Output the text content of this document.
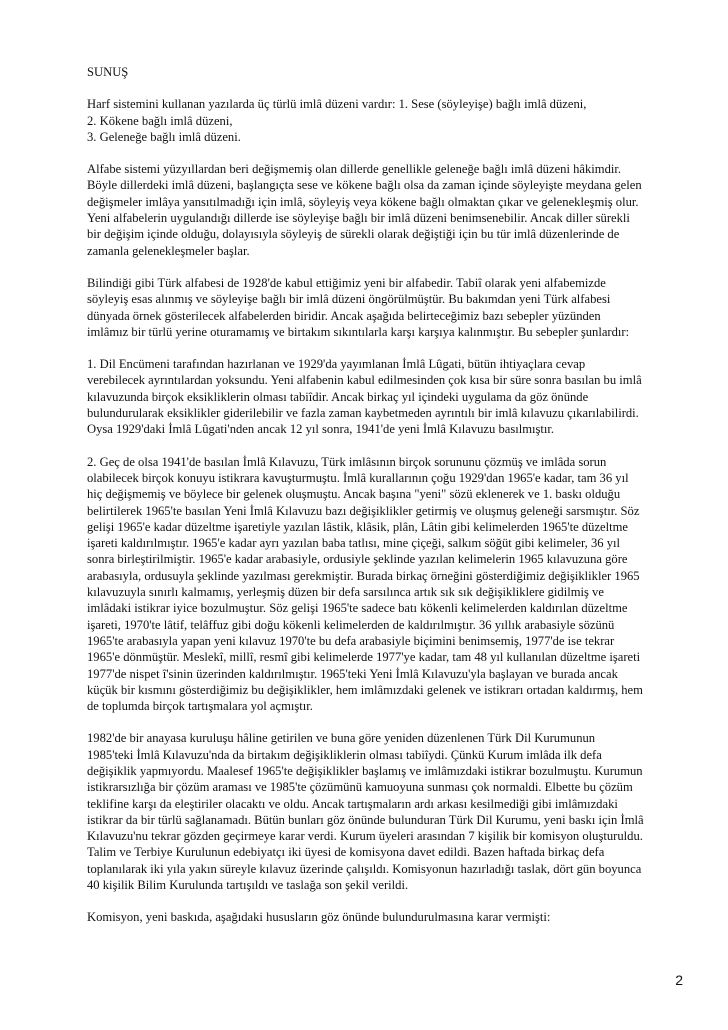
SUNUŞ

Harf sistemini kullanan yazılarda üç türlü imlâ düzeni vardır: 1. Sese (söyleyişe) bağlı imlâ düzeni,
2. Kökene bağlı imlâ düzeni,
3. Geleneğe bağlı imlâ düzeni.

Alfabe sistemi yüzyıllardan beri değişmemiş olan dillerde genellikle geleneğe bağlı imlâ düzeni hâkimdir.
Böyle dillerdeki imlâ düzeni, başlangıçta sese ve kökene bağlı olsa da zaman içinde söyleyişte meydana gelen
değişmeler imlâya yansıtılmadığı için imlâ, söyleyiş veya kökene bağlı olmaktan çıkar ve gelenekleşmiş olur.
Yeni alfabelerin uygulandığı dillerde ise söyleyişe bağlı bir imlâ düzeni benimsenebilir. Ancak diller sürekli
bir değişim içinde olduğu, dolayısıyla söyleyiş de sürekli olarak değiştiği için bu tür imlâ düzenlerinde de
zamanla gelenekleşmeler başlar.

Bilindiği gibi Türk alfabesi de 1928'de kabul ettiğimiz yeni bir alfabedir. Tabiî olarak yeni alfabemizde
söyleyiş esas alınmış ve söyleyişe bağlı bir imlâ düzeni öngörülmüştür. Bu bakımdan yeni Türk alfabesi
dünyada örnek gösterilecek alfabelerden biridir. Ancak aşağıda belirteceğimiz bazı sebepler yüzünden
imlâmız bir türlü yerine oturamamış ve birtakım sıkıntılarla karşı karşıya kalınmıştır. Bu sebepler şunlardır:

1. Dil Encümeni tarafından hazırlanan ve 1929'da yayımlanan İmlâ Lûgati, bütün ihtiyaçlara cevap
verebilecek ayrıntılardan yoksundu. Yeni alfabenin kabul edilmesinden çok kısa bir süre sonra basılan bu imlâ
kılavuzunda birçok eksikliklerin olması tabiîdir. Ancak birkaç yıl içindeki uygulama da göz önünde
bulundurularak eksiklikler giderilebilir ve fazla zaman kaybetmeden ayrıntılı bir imlâ kılavuzu çıkarılabilirdi.
Oysa 1929'daki İmlâ Lûgati'nden ancak 12 yıl sonra, 1941'de yeni İmlâ Kılavuzu basılmıştır.

2. Geç de olsa 1941'de basılan İmlâ Kılavuzu, Türk imlâsının birçok sorununu çözmüş ve imlâda sorun
olabilecek birçok konuyu istikrara kavuşturmuştu. İmlâ kurallarının çoğu 1929'dan 1965'e kadar, tam 36 yıl
hiç değişmemiş ve böylece bir gelenek oluşmuştu. Ancak başına "yeni" sözü eklenerek ve 1. baskı olduğu
belirtilerek 1965'te basılan Yeni İmlâ Kılavuzu bazı değişiklikler getirmiş ve oluşmuş geleneği sarsmıştır. Söz
gelişi 1965'e kadar düzeltme işaretiyle yazılan lâstik, klâsik, plân, Lâtin gibi kelimelerden 1965'te düzeltme
işareti kaldırılmıştır. 1965'e kadar ayrı yazılan baba tatlısı, mine çiçeği, salkım söğüt gibi kelimeler, 36 yıl
sonra birleştirilmiştir. 1965'e kadar arabasiyle, ordusiyle şeklinde yazılan kelimelerin 1965 kılavuzuna göre
arabasıyla, ordusuyla şeklinde yazılması gerekmiştir. Burada birkaç örneğini gösterdiğimiz değişiklikler 1965
kılavuzuyla sınırlı kalmamış, yerleşmiş düzen bir defa sarsılınca artık sık sık değişikliklere gidilmiş ve
imlâdaki istikrar iyice bozulmuştur. Söz gelişi 1965'te sadece batı kökenli kelimelerden kaldırılan düzeltme
işareti, 1970'te lâtif, telâffuz gibi doğu kökenli kelimelerden de kaldırılmıştır. 36 yıllık arabasiyle sözünü
1965'te arabasıyla yapan yeni kılavuz 1970'te bu defa arabasiyle biçimini benimsemiş, 1977'de ise tekrar
1965'e dönmüştür. Meslekî, millî, resmî gibi kelimelerde 1977'ye kadar, tam 48 yıl kullanılan düzeltme işareti
1977'de nispet î'sinin üzerinden kaldırılmıştır. 1965'teki Yeni İmlâ Kılavuzu'yla başlayan ve burada ancak
küçük bir kısmını gösterdiğimiz bu değişiklikler, hem imlâmızdaki gelenek ve istikrarı ortadan kaldırmış, hem
de toplumda birçok tartışmalara yol açmıştır.

1982'de bir anayasa kuruluşu hâline getirilen ve buna göre yeniden düzenlenen Türk Dil Kurumunun
1985'teki İmlâ Kılavuzu'nda da birtakım değişikliklerin olması tabiîydi. Çünkü Kurum imlâda ilk defa
değişiklik yapmıyordu. Maalesef 1965'te değişiklikler başlamış ve imlâmızdaki istikrar bozulmuştu. Kurumun
istikrarsızlığa bir çözüm araması ve 1985'te çözümünü kamuoyuna sunması çok normaldi. Elbette bu çözüm
teklifine karşı da eleştiriler olacaktı ve oldu. Ancak tartışmaların ardı arkası kesilmediği gibi imlâmızdaki
istikrar da bir türlü sağlanamadı. Bütün bunları göz önünde bulunduran Türk Dil Kurumu, yeni baskı için İmlâ
Kılavuzu'nu tekrar gözden geçirmeye karar verdi. Kurum üyeleri arasından 7 kişilik bir komisyon oluşturuldu.
Talim ve Terbiye Kurulunun edebiyatçı iki üyesi de komisyona davet edildi. Bazen haftada birkaç defa
toplanılarak iki yıla yakın süreyle kılavuz üzerinde çalışıldı. Komisyonun hazırladığı taslak, dört gün boyunca
40 kişilik Bilim Kurulunda tartışıldı ve taslağa son şekil verildi.

Komisyon, yeni baskıda, aşağıdaki hususların göz önünde bulundurulmasına karar vermişti:

2
